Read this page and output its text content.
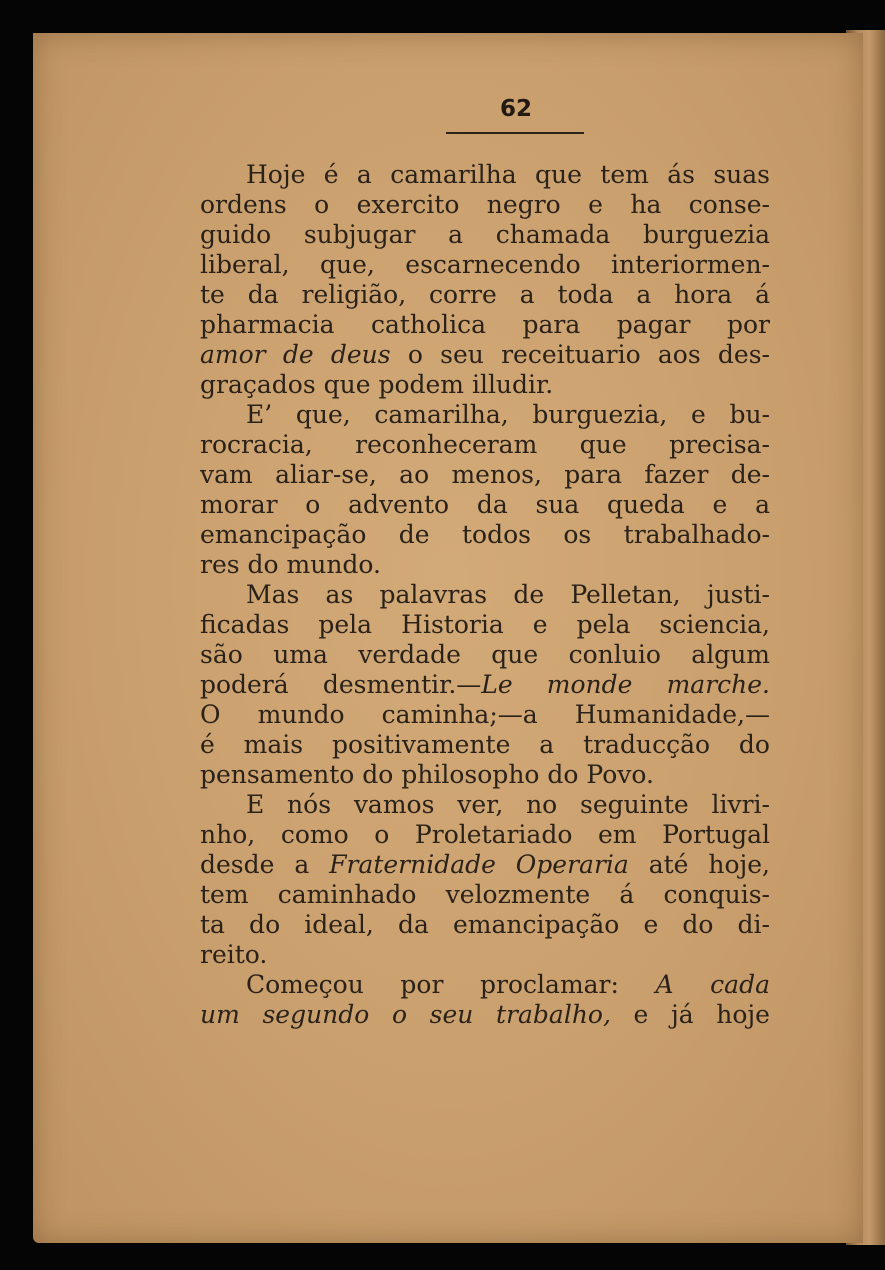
62
Hoje é a camarilha que tem ás suas
ordens o exercito negro e ha conse-
guido subjugar a chamada burguezia
liberal, que, escarnecendo interiormen-
te da religião, corre a toda a hora á
pharmacia catholica para pagar por
amor de deus o seu receituario aos des-
graçados que podem illudir.
E’ que, camarilha, burguezia, e bu-
rocracia, reconheceram que precisa-
vam aliar-se, ao menos, para fazer de-
morar o advento da sua queda e a
emancipação de todos os trabalhado-
res do mundo.
Mas as palavras de Pelletan, justi-
ficadas pela Historia e pela sciencia,
são uma verdade que conluio algum
poderá desmentir.—Le monde marche.
O mundo caminha;—a Humanidade,—
é mais positivamente a traducção do
pensamento do philosopho do Povo.
E nós vamos ver, no seguinte livri-
nho, como o Proletariado em Portugal
desde a Fraternidade Operaria até hoje,
tem caminhado velozmente á conquis-
ta do ideal, da emancipação e do di-
reito.
Começou por proclamar: A cada
um segundo o seu trabalho, e já hoje
